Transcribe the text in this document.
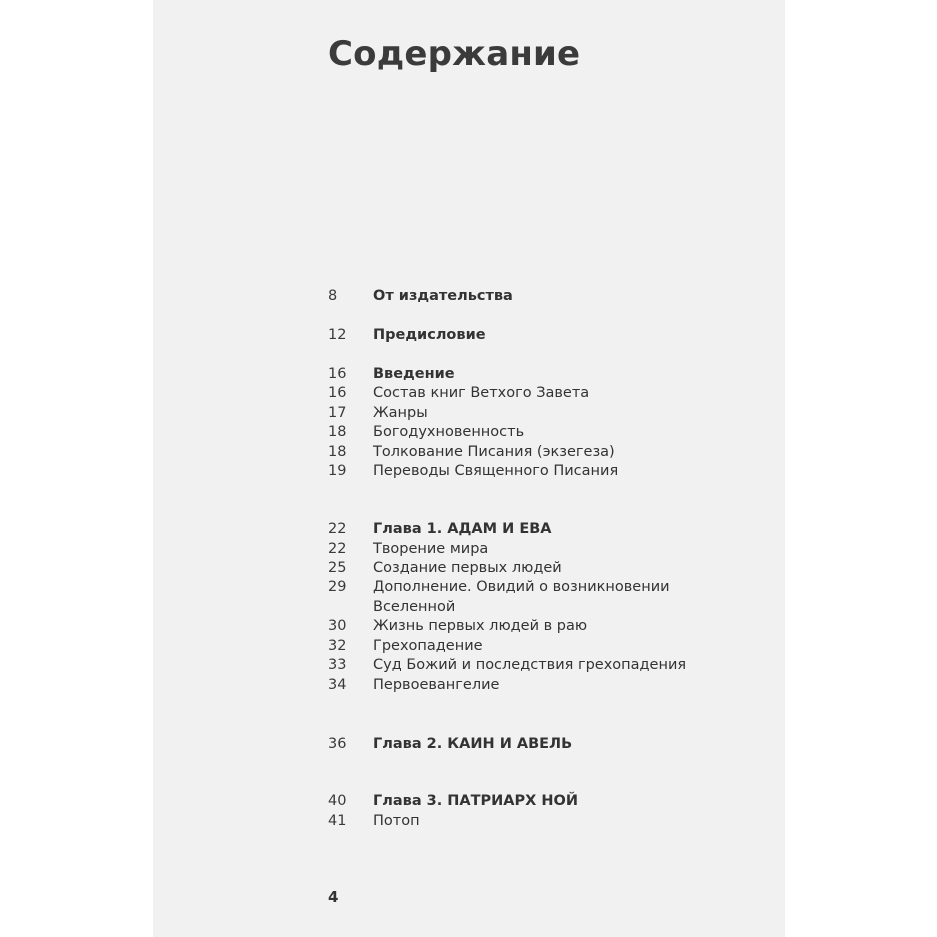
Содержание
8	От издательства
12	Предисловие
16	Введение
16	Состав книг Ветхого Завета
17	Жанры
18	Богодухновенность
18	Толкование Писания (экзегеза)
19	Переводы Священного Писания
22	Глава 1. АДАМ И ЕВА
22	Творение мира
25	Создание первых людей
29	Дополнение. Овидий о возникновении Вселенной
30	Жизнь первых людей в раю
32	Грехопадение
33	Суд Божий и последствия грехопадения
34	Первоевангелие
36	Глава 2. КАИН И АВЕЛЬ
40	Глава 3. ПАТРИАРХ НОЙ
41	Потоп
4
